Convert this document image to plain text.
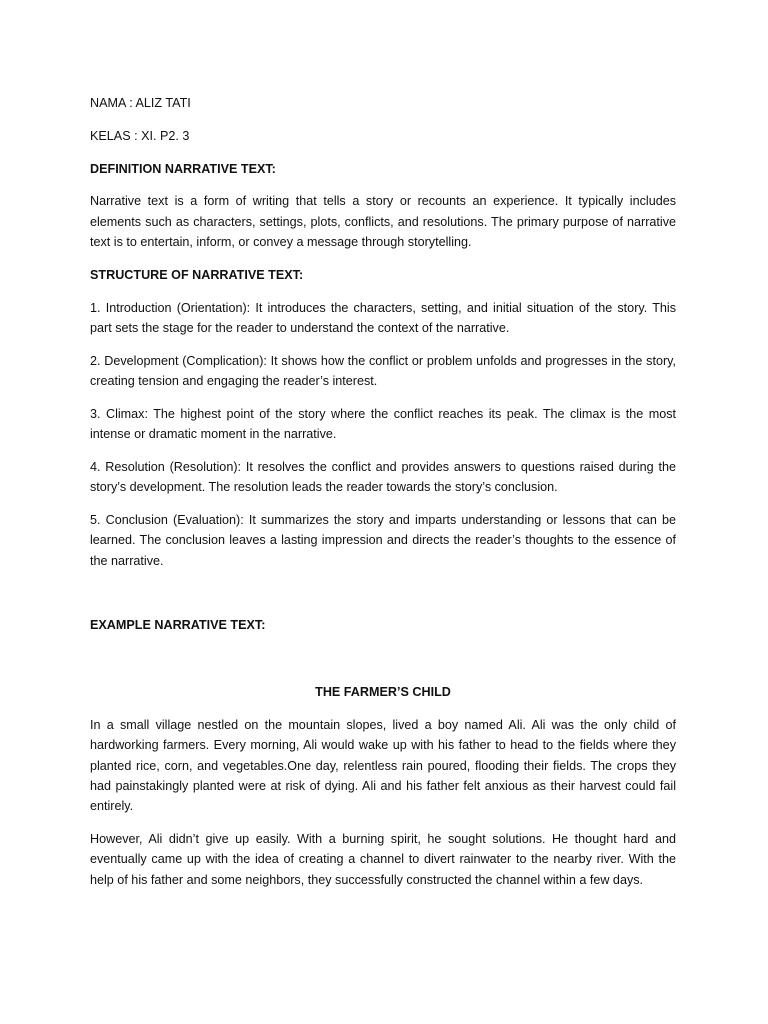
NAMA : ALIZ TATI

KELAS : XI. P2. 3

DEFINITION NARRATIVE TEXT:

Narrative text is a form of writing that tells a story or recounts an experience. It typically includes elements such as characters, settings, plots, conflicts, and resolutions. The primary purpose of narrative text is to entertain, inform, or convey a message through storytelling.

STRUCTURE OF NARRATIVE TEXT:

1. Introduction (Orientation): It introduces the characters, setting, and initial situation of the story. This part sets the stage for the reader to understand the context of the narrative.

2. Development (Complication): It shows how the conflict or problem unfolds and progresses in the story, creating tension and engaging the reader’s interest.

3. Climax: The highest point of the story where the conflict reaches its peak. The climax is the most intense or dramatic moment in the narrative.

4. Resolution (Resolution): It resolves the conflict and provides answers to questions raised during the story’s development. The resolution leads the reader towards the story’s conclusion.

5. Conclusion (Evaluation): It summarizes the story and imparts understanding or lessons that can be learned. The conclusion leaves a lasting impression and directs the reader’s thoughts to the essence of the narrative.

EXAMPLE NARRATIVE TEXT:

THE FARMER’S CHILD

In a small village nestled on the mountain slopes, lived a boy named Ali. Ali was the only child of hardworking farmers. Every morning, Ali would wake up with his father to head to the fields where they planted rice, corn, and vegetables.One day, relentless rain poured, flooding their fields. The crops they had painstakingly planted were at risk of dying. Ali and his father felt anxious as their harvest could fail entirely.

However, Ali didn’t give up easily. With a burning spirit, he sought solutions. He thought hard and eventually came up with the idea of creating a channel to divert rainwater to the nearby river. With the help of his father and some neighbors, they successfully constructed the channel within a few days.
